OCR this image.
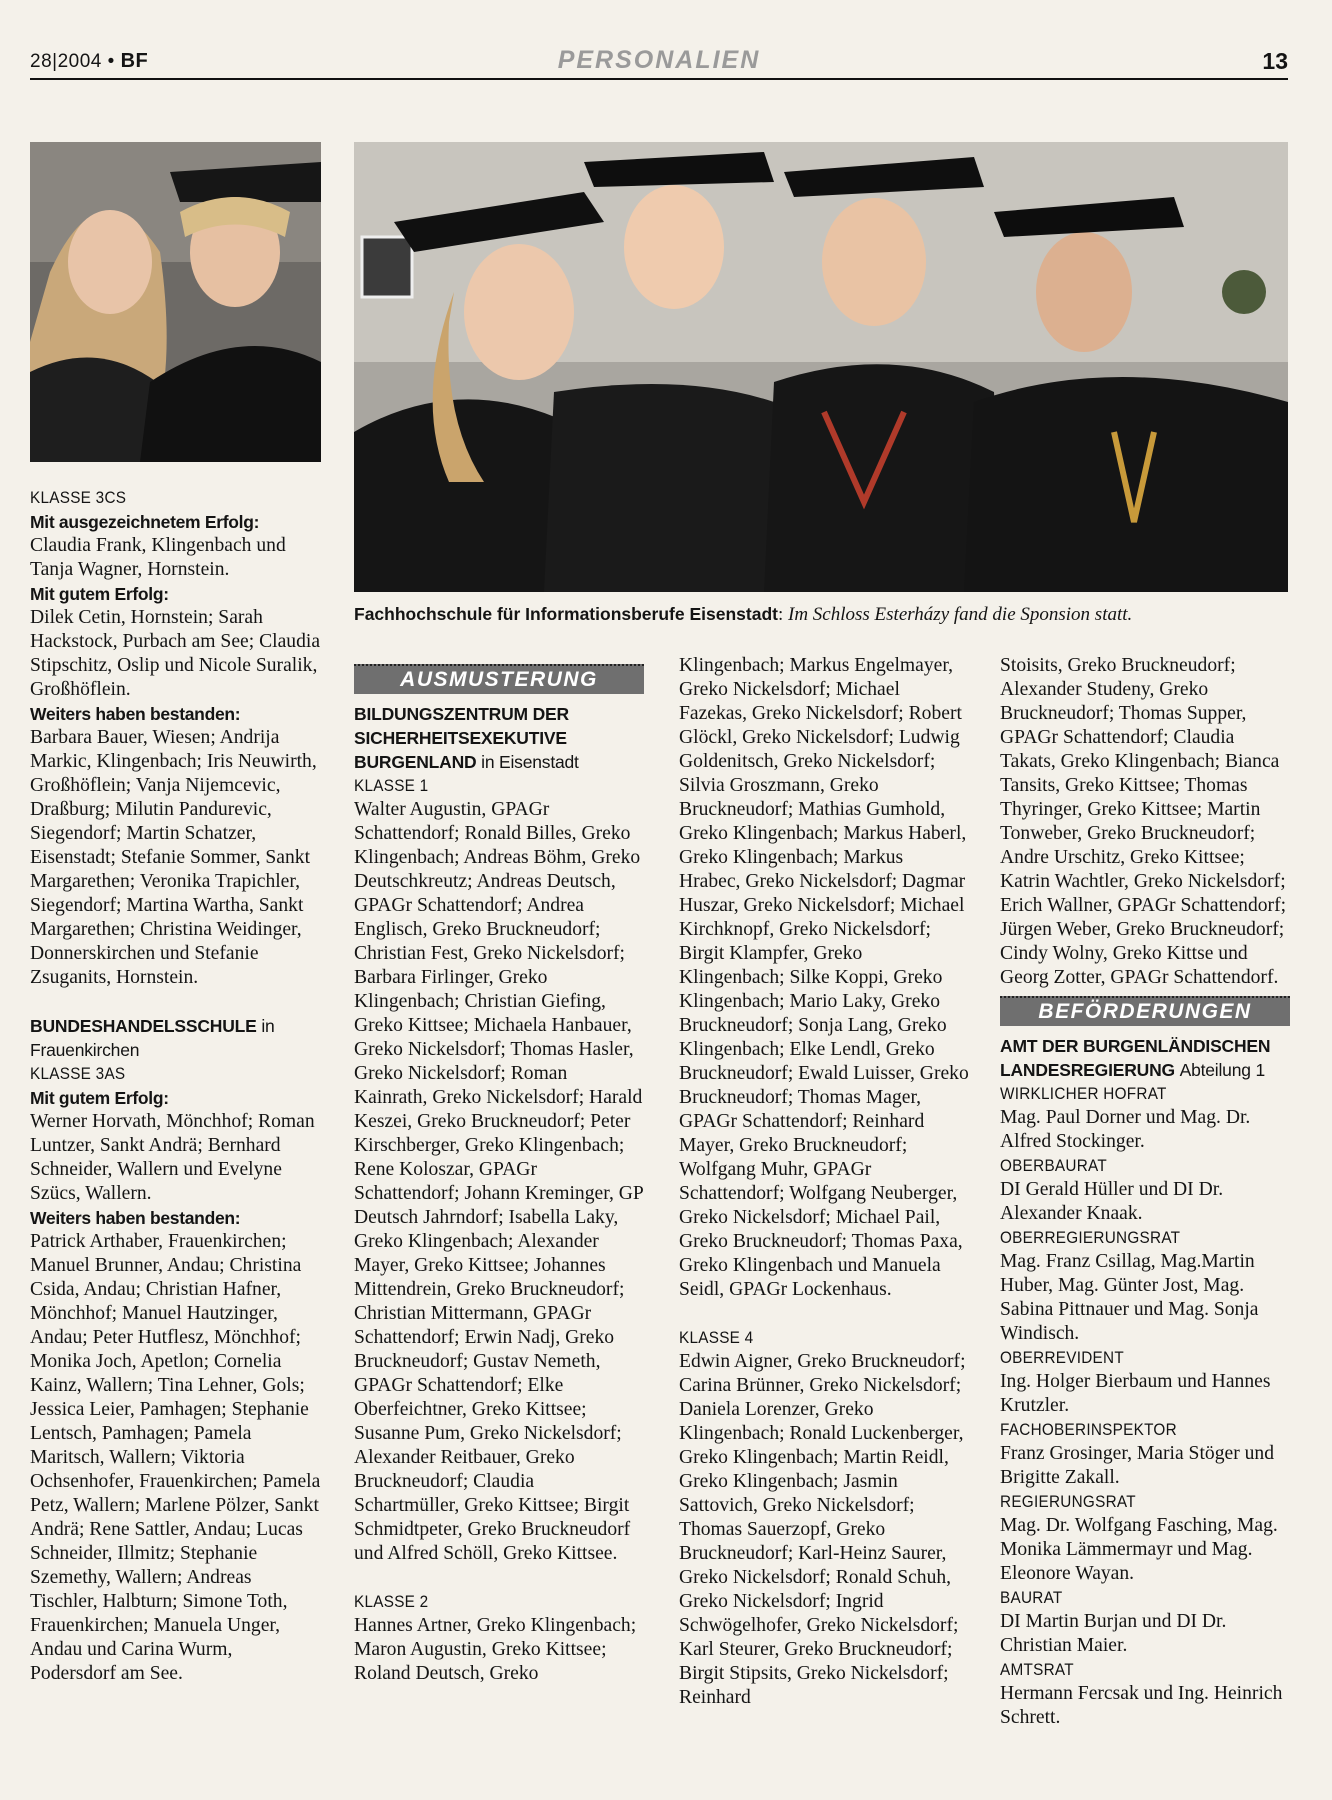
28|2004 • BF	PERSONALIEN	13
Fachhochschule für Informationsberufe Eisenstadt: Im Schloss Esterházy fand die Sponsion statt.

KLASSE 3CS

Mit ausgezeichnetem Erfolg:

Claudia Frank, Klingenbach und Tanja Wagner, Hornstein.

Mit gutem Erfolg:

Dilek Cetin, Hornstein; Sarah Hackstock, Purbach am See; Claudia Stipschitz, Oslip und Nicole Suralik, Großhöflein.

Weiters haben bestanden:

Barbara Bauer, Wiesen; Andrija Markic, Klingenbach; Iris Neuwirth, Großhöflein; Vanja Nijemcevic, Draßburg; Milutin Pandurevic, Siegendorf; Martin Schatzer, Eisenstadt; Stefanie Sommer, Sankt Margarethen; Veronika Trapichler, Siegendorf; Martina Wartha, Sankt Margarethen; Christina Weidinger, Donnerskirchen und Stefanie Zsuganits, Hornstein.

BUNDESHANDELSSCHULE in Frauenkirchen

KLASSE 3AS

Mit gutem Erfolg:

Werner Horvath, Mönchhof; Roman Luntzer, Sankt Andrä; Bernhard Schneider, Wallern und Evelyne Szücs, Wallern.

Weiters haben bestanden:

Patrick Arthaber, Frauenkirchen; Manuel Brunner, Andau; Christina Csida, Andau; Christian Hafner, Mönchhof; Manuel Hautzinger, Andau; Peter Hutflesz, Mönchhof; Monika Joch, Apetlon; Cornelia Kainz, Wallern; Tina Lehner, Gols; Jessica Leier, Pamhagen; Stephanie Lentsch, Pamhagen; Pamela Maritsch, Wallern; Viktoria Ochsenhofer, Frauenkirchen; Pamela Petz, Wallern; Marlene Pölzer, Sankt Andrä; Rene Sattler, Andau; Lucas Schneider, Illmitz; Stephanie Szemethy, Wallern; Andreas Tischler, Halbturn; Simone Toth, Frauenkirchen; Manuela Unger, Andau und Carina Wurm, Podersdorf am See.

AUSMUSTERUNG

BILDUNGSZENTRUM DER SICHERHEITSEXEKUTIVE BURGENLAND in Eisenstadt

KLASSE 1

Walter Augustin, GPAGr Schattendorf; Ronald Billes, Greko Klingenbach; Andreas Böhm, Greko Deutschkreutz; Andreas Deutsch, GPAGr Schattendorf; Andrea Englisch, Greko Bruckneudorf; Christian Fest, Greko Nickelsdorf; Barbara Firlinger, Greko Klingenbach; Christian Giefing, Greko Kittsee; Michaela Hanbauer, Greko Nickelsdorf; Thomas Hasler, Greko Nickelsdorf; Roman Kainrath, Greko Nickelsdorf; Harald Keszei, Greko Bruckneudorf; Peter Kirschberger, Greko Klingenbach; Rene Koloszar, GPAGr Schattendorf; Johann Kreminger, GP Deutsch Jahrndorf; Isabella Laky, Greko Klingenbach; Alexander Mayer, Greko Kittsee; Johannes Mittendrein, Greko Bruckneudorf; Christian Mittermann, GPAGr Schattendorf; Erwin Nadj, Greko Bruckneudorf; Gustav Nemeth, GPAGr Schattendorf; Elke Oberfeichtner, Greko Kittsee; Susanne Pum, Greko Nickelsdorf; Alexander Reitbauer, Greko Bruckneudorf; Claudia Schartmüller, Greko Kittsee; Birgit Schmidtpeter, Greko Bruckneudorf und Alfred Schöll, Greko Kittsee.

KLASSE 2

Hannes Artner, Greko Klingenbach; Maron Augustin, Greko Kittsee; Roland Deutsch, Greko

Klingenbach; Markus Engelmayer, Greko Nickelsdorf; Michael Fazekas, Greko Nickelsdorf; Robert Glöckl, Greko Nickelsdorf; Ludwig Goldenitsch, Greko Nickelsdorf; Silvia Groszmann, Greko Bruckneudorf; Mathias Gumhold, Greko Klingenbach; Markus Haberl, Greko Klingenbach; Markus Hrabec, Greko Nickelsdorf; Dagmar Huszar, Greko Nickelsdorf; Michael Kirchknopf, Greko Nickelsdorf; Birgit Klampfer, Greko Klingenbach; Silke Koppi, Greko Klingenbach; Mario Laky, Greko Bruckneudorf; Sonja Lang, Greko Klingenbach; Elke Lendl, Greko Bruckneudorf; Ewald Luisser, Greko Bruckneudorf; Thomas Mager, GPAGr Schattendorf; Reinhard Mayer, Greko Bruckneudorf; Wolfgang Muhr, GPAGr Schattendorf; Wolfgang Neuberger, Greko Nickelsdorf; Michael Pail, Greko Bruckneudorf; Thomas Paxa, Greko Klingenbach und Manuela Seidl, GPAGr Lockenhaus.

KLASSE 4

Edwin Aigner, Greko Bruckneudorf; Carina Brünner, Greko Nickelsdorf; Daniela Lorenzer, Greko Klingenbach; Ronald Luckenberger, Greko Klingenbach; Martin Reidl, Greko Klingenbach; Jasmin Sattovich, Greko Nickelsdorf; Thomas Sauerzopf, Greko Bruckneudorf; Karl-Heinz Saurer, Greko Nickelsdorf; Ronald Schuh, Greko Nickelsdorf; Ingrid Schwögelhofer, Greko Nickelsdorf; Karl Steurer, Greko Bruckneudorf; Birgit Stipsits, Greko Nickelsdorf; Reinhard

Stoisits, Greko Bruckneudorf; Alexander Studeny, Greko Bruckneudorf; Thomas Supper, GPAGr Schattendorf; Claudia Takats, Greko Klingenbach; Bianca Tansits, Greko Kittsee; Thomas Thyringer, Greko Kittsee; Martin Tonweber, Greko Bruckneudorf; Andre Urschitz, Greko Kittsee; Katrin Wachtler, Greko Nickelsdorf; Erich Wallner, GPAGr Schattendorf; Jürgen Weber, Greko Bruckneudorf; Cindy Wolny, Greko Kittse und Georg Zotter, GPAGr Schattendorf.

BEFÖRDERUNGEN

AMT DER BURGENLÄNDISCHEN LANDESREGIERUNG Abteilung 1

WIRKLICHER HOFRAT

Mag. Paul Dorner und Mag. Dr. Alfred Stockinger.

OBERBAURAT

DI Gerald Hüller und DI Dr. Alexander Knaak.

OBERREGIERUNGSRAT

Mag. Franz Csillag, Mag.Martin Huber, Mag. Günter Jost, Mag. Sabina Pittnauer und Mag. Sonja Windisch.

OBERREVIDENT

Ing. Holger Bierbaum und Hannes Krutzler.

FACHOBERINSPEKTOR

Franz Grosinger, Maria Stöger und Brigitte Zakall.

REGIERUNGSRAT

Mag. Dr. Wolfgang Fasching, Mag. Monika Lämmermayr und Mag. Eleonore Wayan.

BAURAT

DI Martin Burjan und DI Dr. Christian Maier.

AMTSRAT

Hermann Fercsak und Ing. Heinrich Schrett.
